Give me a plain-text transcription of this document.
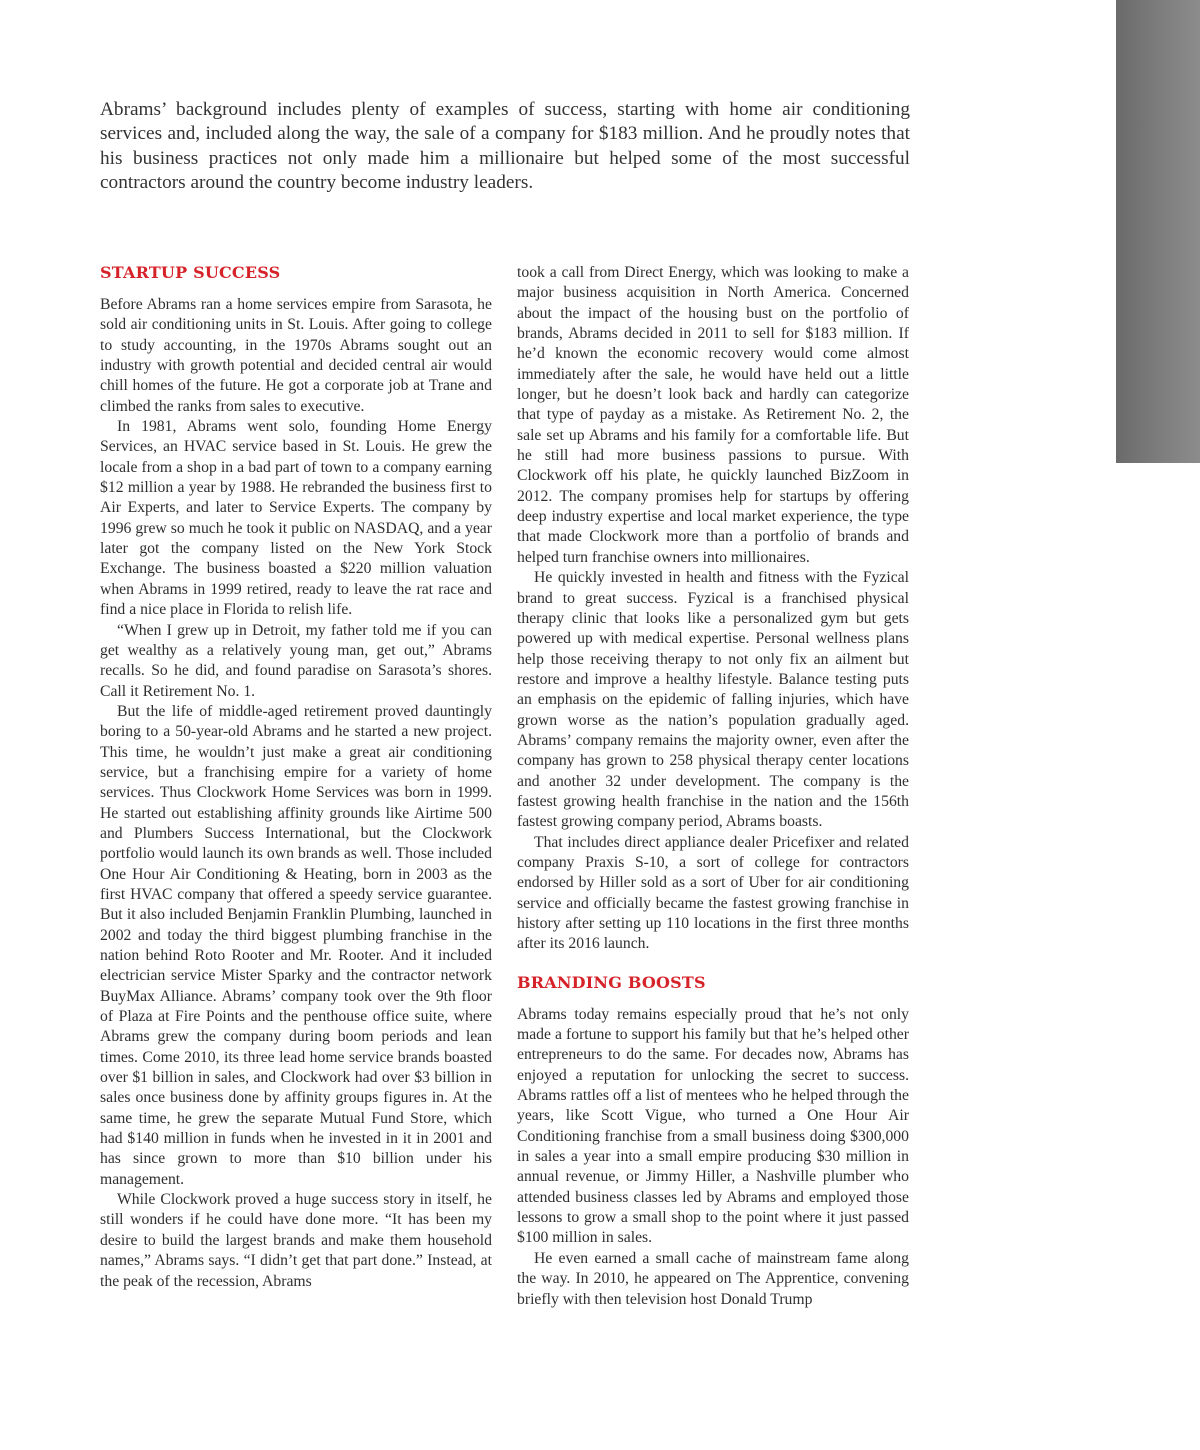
Abrams’ background includes plenty of examples of success, starting with home air conditioning services and, included along the way, the sale of a company for $183 million. And he proudly notes that his business practices not only made him a millionaire but helped some of the most successful contractors around the country become industry leaders.

STARTUP SUCCESS

Before Abrams ran a home services empire from Sarasota, he sold air conditioning units in St. Louis. After going to college to study accounting, in the 1970s Abrams sought out an industry with growth potential and decided central air would chill homes of the future. He got a corporate job at Trane and climbed the ranks from sales to executive.

In 1981, Abrams went solo, founding Home Energy Services, an HVAC service based in St. Louis. He grew the locale from a shop in a bad part of town to a company earning $12 million a year by 1988. He rebranded the business first to Air Experts, and later to Service Experts. The company by 1996 grew so much he took it public on NASDAQ, and a year later got the company listed on the New York Stock Exchange. The business boasted a $220 million valuation when Abrams in 1999 retired, ready to leave the rat race and find a nice place in Florida to relish life.

“When I grew up in Detroit, my father told me if you can get wealthy as a relatively young man, get out,” Abrams recalls. So he did, and found paradise on Sarasota’s shores. Call it Retirement No. 1.

But the life of middle-aged retirement proved dauntingly boring to a 50-year-old Abrams and he started a new project. This time, he wouldn’t just make a great air conditioning service, but a franchising empire for a variety of home services. Thus Clockwork Home Services was born in 1999. He started out establishing affinity grounds like Airtime 500 and Plumbers Success International, but the Clockwork portfolio would launch its own brands as well. Those included One Hour Air Conditioning & Heating, born in 2003 as the first HVAC company that offered a speedy service guarantee. But it also included Benjamin Franklin Plumbing, launched in 2002 and today the third biggest plumbing franchise in the nation behind Roto Rooter and Mr. Rooter. And it included electrician service Mister Sparky and the contractor network BuyMax Alliance. Abrams’ company took over the 9th floor of Plaza at Fire Points and the penthouse office suite, where Abrams grew the company during boom periods and lean times. Come 2010, its three lead home service brands boasted over $1 billion in sales, and Clockwork had over $3 billion in sales once business done by affinity groups figures in. At the same time, he grew the separate Mutual Fund Store, which had $140 million in funds when he invested in it in 2001 and has since grown to more than $10 billion under his management.

While Clockwork proved a huge success story in itself, he still wonders if he could have done more. “It has been my desire to build the largest brands and make them household names,” Abrams says. “I didn’t get that part done.” Instead, at the peak of the recession, Abrams

took a call from Direct Energy, which was looking to make a major business acquisition in North America. Concerned about the impact of the housing bust on the portfolio of brands, Abrams decided in 2011 to sell for $183 million. If he’d known the economic recovery would come almost immediately after the sale, he would have held out a little longer, but he doesn’t look back and hardly can categorize that type of payday as a mistake. As Retirement No. 2, the sale set up Abrams and his family for a comfortable life. But he still had more business passions to pursue. With Clockwork off his plate, he quickly launched BizZoom in 2012. The company promises help for startups by offering deep industry expertise and local market experience, the type that made Clockwork more than a portfolio of brands and helped turn franchise owners into millionaires.

He quickly invested in health and fitness with the Fyzical brand to great success. Fyzical is a franchised physical therapy clinic that looks like a personalized gym but gets powered up with medical expertise. Personal wellness plans help those receiving therapy to not only fix an ailment but restore and improve a healthy lifestyle. Balance testing puts an emphasis on the epidemic of falling injuries, which have grown worse as the nation’s population gradually aged. Abrams’ company remains the majority owner, even after the company has grown to 258 physical therapy center locations and another 32 under development. The company is the fastest growing health franchise in the nation and the 156th fastest growing company period, Abrams boasts.

That includes direct appliance dealer Pricefixer and related company Praxis S-10, a sort of college for contractors endorsed by Hiller sold as a sort of Uber for air conditioning service and officially became the fastest growing franchise in history after setting up 110 locations in the first three months after its 2016 launch.

BRANDING BOOSTS

Abrams today remains especially proud that he’s not only made a fortune to support his family but that he’s helped other entrepreneurs to do the same. For decades now, Abrams has enjoyed a reputation for unlocking the secret to success. Abrams rattles off a list of mentees who he helped through the years, like Scott Vigue, who turned a One Hour Air Conditioning franchise from a small business doing $300,000 in sales a year into a small empire producing $30 million in annual revenue, or Jimmy Hiller, a Nashville plumber who attended business classes led by Abrams and employed those lessons to grow a small shop to the point where it just passed $100 million in sales.

He even earned a small cache of mainstream fame along the way. In 2010, he appeared on The Apprentice, convening briefly with then television host Donald Trump
